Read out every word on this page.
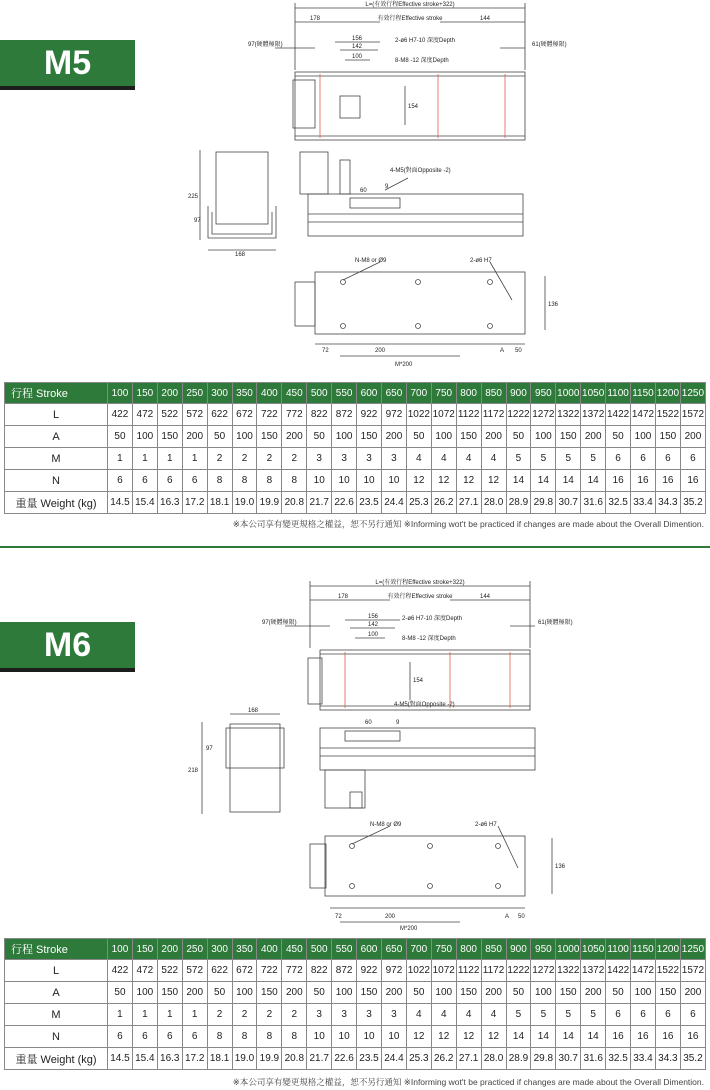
M5
L=(有效行程Effective stroke+322)
有效行程Effective stroke
178	144
156
142
100
97(硬體極限)	61(硬體極限)
2-ø6 H7-10 深度Depth
8-M8 -12 深度Depth
154
225
97
168
4-M5(對面Opposite -2)
60
9
N-M8 or Ø9	2-ø6 H7
136
72	200	A 50
M*200
行程 Stroke	100	150	200	250	300	350	400	450	500	550	600	650	700	750	800	850	900	950	1000	1050	1100	1150	1200	1250
L	422	472	522	572	622	672	722	772	822	872	922	972	1022	1072	1122	1172	1222	1272	1322	1372	1422	1472	1522	1572
A	50	100	150	200	50	100	150	200	50	100	150	200	50	100	150	200	50	100	150	200	50	100	150	200
M	1	1	1	1	2	2	2	2	3	3	3	3	4	4	4	4	5	5	5	5	6	6	6	6
N	6	6	6	6	8	8	8	8	10	10	10	10	12	12	12	12	14	14	14	14	16	16	16	16
重量 Weight (kg)	14.5	15.4	16.3	17.2	18.1	19.0	19.9	20.8	21.7	22.6	23.5	24.4	25.3	26.2	27.1	28.0	28.9	29.8	30.7	31.6	32.5	33.4	34.3	35.2
※本公司享有變更規格之權益，恕不另行通知 ※Informing wot't be practiced if changes are made about the Overall Dimention.
M6
L=(有效行程Effective stroke+322)
有效行程Effective stroke
178	144
156
142
100
97(硬體極限)	61(硬體極限)
2-ø6 H7-10 深度Depth
8-M8 -12 深度Depth
154
218
97
168
4-M5(對面Opposite -2)
60	9
N-M8 or Ø9	2-ø6 H7
136
72	200	A 50
M*200
行程 Stroke	100	150	200	250	300	350	400	450	500	550	600	650	700	750	800	850	900	950	1000	1050	1100	1150	1200	1250
L	422	472	522	572	622	672	722	772	822	872	922	972	1022	1072	1122	1172	1222	1272	1322	1372	1422	1472	1522	1572
A	50	100	150	200	50	100	150	200	50	100	150	200	50	100	150	200	50	100	150	200	50	100	150	200
M	1	1	1	1	2	2	2	2	3	3	3	3	4	4	4	4	5	5	5	5	6	6	6	6
N	6	6	6	6	8	8	8	8	10	10	10	10	12	12	12	12	14	14	14	14	16	16	16	16
重量 Weight (kg)	14.5	15.4	16.3	17.2	18.1	19.0	19.9	20.8	21.7	22.6	23.5	24.4	25.3	26.2	27.1	28.0	28.9	29.8	30.7	31.6	32.5	33.4	34.3	35.2
※本公司享有變更規格之權益，恕不另行通知 ※Informing wot't be practiced if changes are made about the Overall Dimention.
